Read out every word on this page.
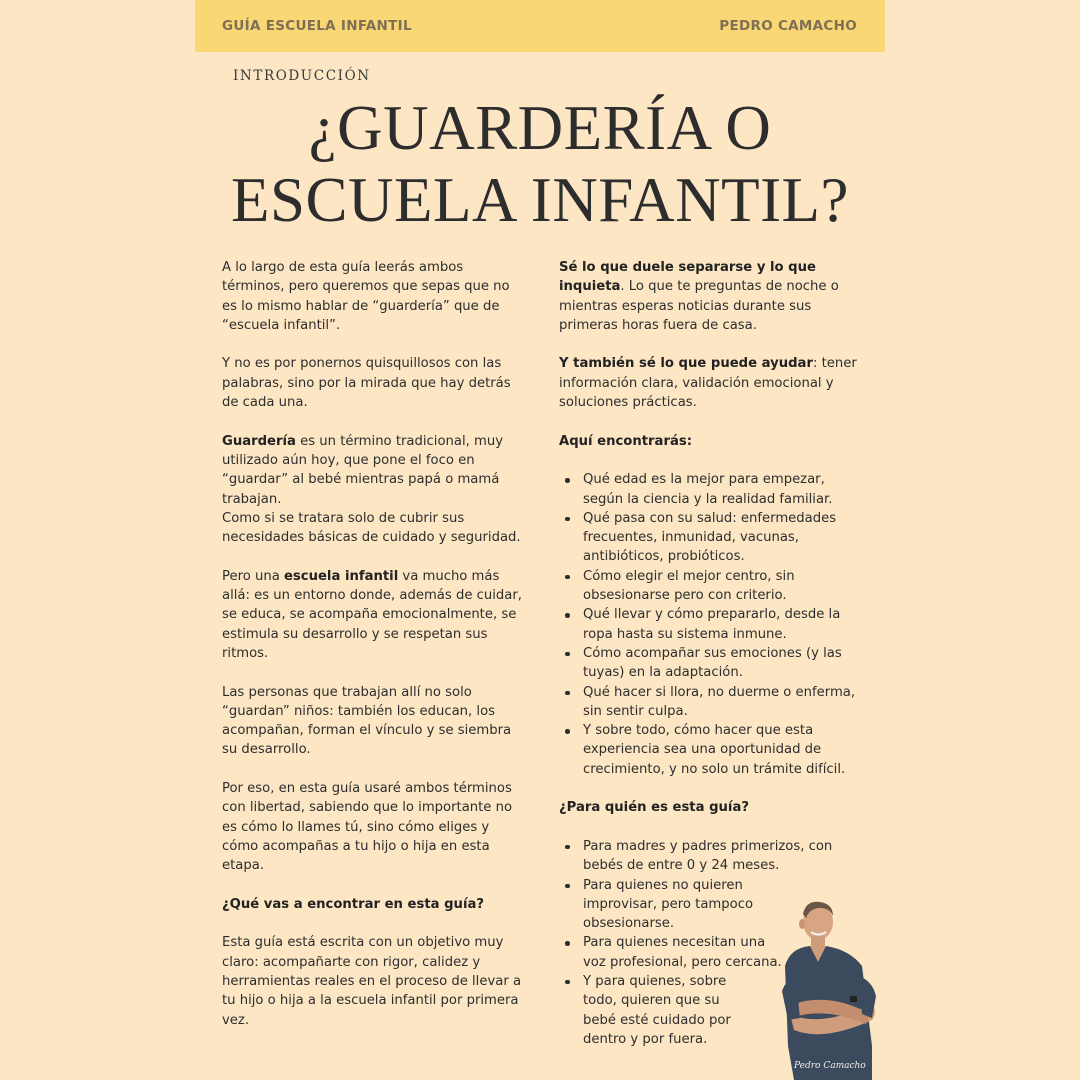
GUÍA ESCUELA INFANTIL	PEDRO CAMACHO
INTRODUCCIÓN
¿GUARDERÍA O
ESCUELA INFANTIL?

A lo largo de esta guía leerás ambos términos, pero queremos que sepas que no es lo mismo hablar de “guardería” que de “escuela infantil”.

Y no es por ponernos quisquillosos con las palabras, sino por la mirada que hay detrás de cada una.

Guardería es un término tradicional, muy utilizado aún hoy, que pone el foco en “guardar” al bebé mientras papá o mamá trabajan.
Como si se tratara solo de cubrir sus necesidades básicas de cuidado y seguridad.

Pero una escuela infantil va mucho más allá: es un entorno donde, además de cuidar, se educa, se acompaña emocionalmente, se estimula su desarrollo y se respetan sus ritmos.

Las personas que trabajan allí no solo “guardan” niños: también los educan, los acompañan, forman el vínculo y se siembra su desarrollo.

Por eso, en esta guía usaré ambos términos con libertad, sabiendo que lo importante no es cómo lo llames tú, sino cómo eliges y cómo acompañas a tu hijo o hija en esta etapa.

¿Qué vas a encontrar en esta guía?

Esta guía está escrita con un objetivo muy claro: acompañarte con rigor, calidez y herramientas reales en el proceso de llevar a tu hijo o hija a la escuela infantil por primera vez.

Sé lo que duele separarse y lo que inquieta. Lo que te preguntas de noche o mientras esperas noticias durante sus primeras horas fuera de casa.

Y también sé lo que puede ayudar: tener información clara, validación emocional y soluciones prácticas.

Aquí encontrarás:

Qué edad es la mejor para empezar, según la ciencia y la realidad familiar.
Qué pasa con su salud: enfermedades frecuentes, inmunidad, vacunas, antibióticos, probióticos.
Cómo elegir el mejor centro, sin obsesionarse pero con criterio.
Qué llevar y cómo prepararlo, desde la ropa hasta su sistema inmune.
Cómo acompañar sus emociones (y las tuyas) en la adaptación.
Qué hacer si llora, no duerme o enferma, sin sentir culpa.
Y sobre todo, cómo hacer que esta experiencia sea una oportunidad de crecimiento, y no solo un trámite difícil.

¿Para quién es esta guía?

Para madres y padres primerizos, con bebés de entre 0 y 24 meses.
Para quienes no quieren improvisar, pero tampoco obsesionarse.
Para quienes necesitan una voz profesional, pero cercana.
Y para quienes, sobre todo, quieren que su bebé esté cuidado por dentro y por fuera.
Pedro Camacho
